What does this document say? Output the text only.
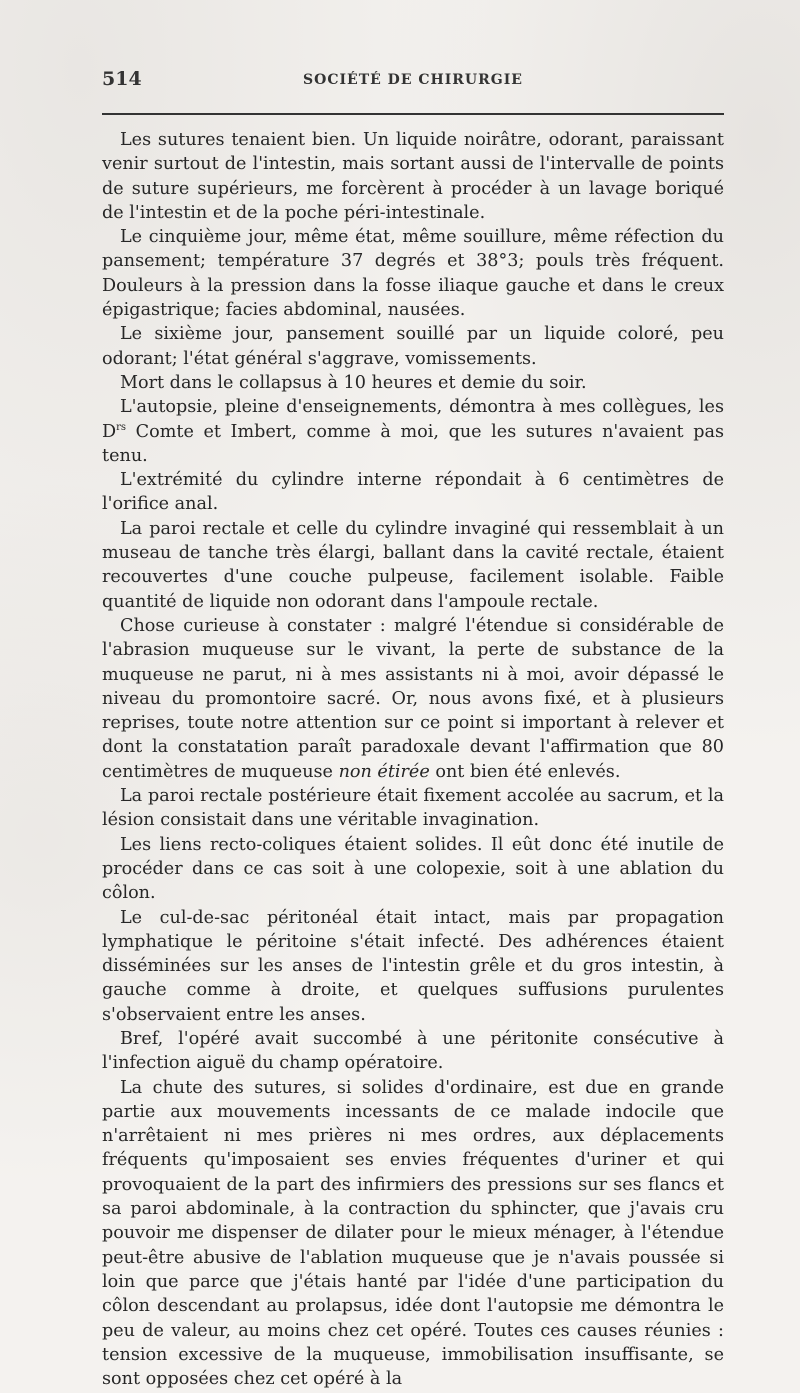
514	SOCIÉTÉ DE CHIRURGIE

Les sutures tenaient bien. Un liquide noirâtre, odorant, paraissant venir surtout de l'intestin, mais sortant aussi de l'intervalle de points de suture supérieurs, me forcèrent à procéder à un lavage boriqué de l'intestin et de la poche péri-intestinale.

Le cinquième jour, même état, même souillure, même réfection du pansement; température 37 degrés et 38°3; pouls très fréquent. Douleurs à la pression dans la fosse iliaque gauche et dans le creux épigastrique; facies abdominal, nausées.

Le sixième jour, pansement souillé par un liquide coloré, peu odorant; l'état général s'aggrave, vomissements.

Mort dans le collapsus à 10 heures et demie du soir.

L'autopsie, pleine d'enseignements, démontra à mes collègues, les $D^{rs}$ Comte et Imbert, comme à moi, que les sutures n'avaient pas tenu.

L'extrémité du cylindre interne répondait à 6 centimètres de l'orifice anal.

La paroi rectale et celle du cylindre invaginé qui ressemblait à un museau de tanche très élargi, ballant dans la cavité rectale, étaient recouvertes d'une couche pulpeuse, facilement isolable. Faible quantité de liquide non odorant dans l'ampoule rectale.

Chose curieuse à constater : malgré l'étendue si considérable de l'abrasion muqueuse sur le vivant, la perte de substance de la muqueuse ne parut, ni à mes assistants ni à moi, avoir dépassé le niveau du promontoire sacré. Or, nous avons fixé, et à plusieurs reprises, toute notre attention sur ce point si important à relever et dont la constatation paraît paradoxale devant l'affirmation que 80 centimètres de muqueuse non étirée ont bien été enlevés.

La paroi rectale postérieure était fixement accolée au sacrum, et la lésion consistait dans une véritable invagination.

Les liens recto-coliques étaient solides. Il eût donc été inutile de procéder dans ce cas soit à une colopexie, soit à une ablation du côlon.

Le cul-de-sac péritonéal était intact, mais par propagation lymphatique le péritoine s'était infecté. Des adhérences étaient disséminées sur les anses de l'intestin grêle et du gros intestin, à gauche comme à droite, et quelques suffusions purulentes s'observaient entre les anses.

Bref, l'opéré avait succombé à une péritonite consécutive à l'infection aiguë du champ opératoire.

La chute des sutures, si solides d'ordinaire, est due en grande partie aux mouvements incessants de ce malade indocile que n'arrêtaient ni mes prières ni mes ordres, aux déplacements fréquents qu'imposaient ses envies fréquentes d'uriner et qui provoquaient de la part des infirmiers des pressions sur ses flancs et sa paroi abdominale, à la contraction du sphincter, que j'avais cru pouvoir me dispenser de dilater pour le mieux ménager, à l'étendue peut-être abusive de l'ablation muqueuse que je n'avais poussée si loin que parce que j'étais hanté par l'idée d'une participation du côlon descendant au prolapsus, idée dont l'autopsie me démontra le peu de valeur, au moins chez cet opéré. Toutes ces causes réunies : tension excessive de la muqueuse, immobilisation insuffisante, se sont opposées chez cet opéré à la
